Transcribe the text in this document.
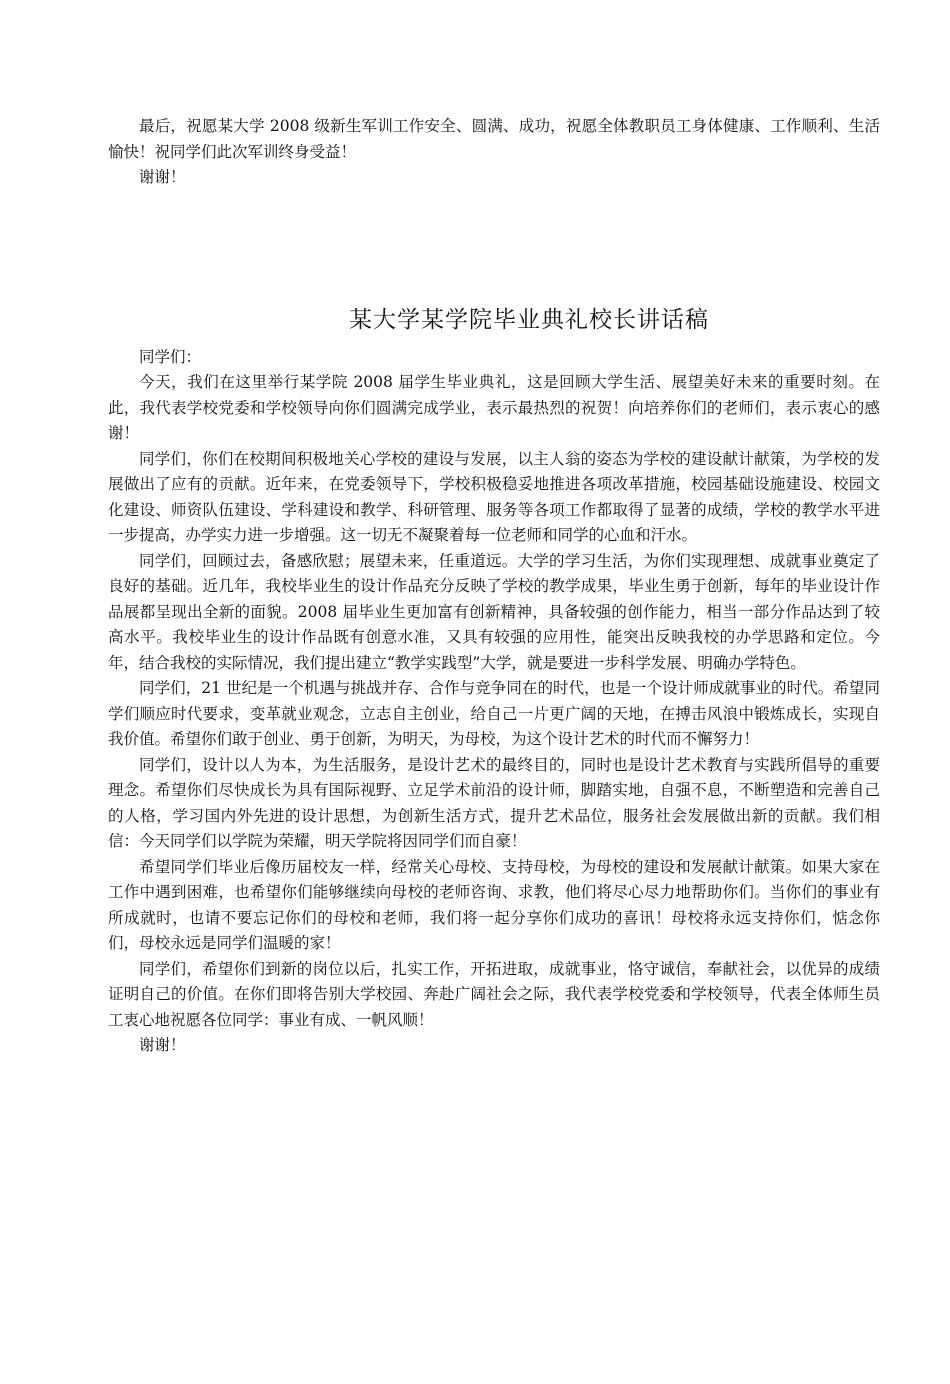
最后，祝愿某大学 2008 级新生军训工作安全、圆满、成功，祝愿全体教职员工身体健康、工作顺利、生活愉快！祝同学们此次军训终身受益！

谢谢！

某大学某学院毕业典礼校长讲话稿

同学们：

今天，我们在这里举行某学院 2008 届学生毕业典礼，这是回顾大学生活、展望美好未来的重要时刻。在此，我代表学校党委和学校领导向你们圆满完成学业，表示最热烈的祝贺！向培养你们的老师们，表示衷心的感谢！

同学们，你们在校期间积极地关心学校的建设与发展，以主人翁的姿态为学校的建设献计献策，为学校的发展做出了应有的贡献。近年来，在党委领导下，学校积极稳妥地推进各项改革措施，校园基础设施建设、校园文化建设、师资队伍建设、学科建设和教学、科研管理、服务等各项工作都取得了显著的成绩，学校的教学水平进一步提高，办学实力进一步增强。这一切无不凝聚着每一位老师和同学的心血和汗水。

同学们，回顾过去，备感欣慰；展望未来，任重道远。大学的学习生活，为你们实现理想、成就事业奠定了良好的基础。近几年，我校毕业生的设计作品充分反映了学校的教学成果，毕业生勇于创新，每年的毕业设计作品展都呈现出全新的面貌。2008 届毕业生更加富有创新精神，具备较强的创作能力，相当一部分作品达到了较高水平。我校毕业生的设计作品既有创意水准，又具有较强的应用性，能突出反映我校的办学思路和定位。今年，结合我校的实际情况，我们提出建立“教学实践型”大学，就是要进一步科学发展、明确办学特色。

同学们，21 世纪是一个机遇与挑战并存、合作与竞争同在的时代，也是一个设计师成就事业的时代。希望同学们顺应时代要求，变革就业观念，立志自主创业，给自己一片更广阔的天地，在搏击风浪中锻炼成长，实现自我价值。希望你们敢于创业、勇于创新，为明天，为母校，为这个设计艺术的时代而不懈努力！

同学们，设计以人为本，为生活服务，是设计艺术的最终目的，同时也是设计艺术教育与实践所倡导的重要理念。希望你们尽快成长为具有国际视野、立足学术前沿的设计师，脚踏实地，自强不息，不断塑造和完善自己的人格，学习国内外先进的设计思想，为创新生活方式，提升艺术品位，服务社会发展做出新的贡献。我们相信：今天同学们以学院为荣耀，明天学院将因同学们而自豪！

希望同学们毕业后像历届校友一样，经常关心母校、支持母校，为母校的建设和发展献计献策。如果大家在工作中遇到困难，也希望你们能够继续向母校的老师咨询、求教，他们将尽心尽力地帮助你们。当你们的事业有所成就时，也请不要忘记你们的母校和老师，我们将一起分享你们成功的喜讯！母校将永远支持你们，惦念你们，母校永远是同学们温暖的家！

同学们，希望你们到新的岗位以后，扎实工作，开拓进取，成就事业，恪守诚信，奉献社会，以优异的成绩证明自己的价值。在你们即将告别大学校园、奔赴广阔社会之际，我代表学校党委和学校领导，代表全体师生员工衷心地祝愿各位同学：事业有成、一帆风顺！

谢谢！
